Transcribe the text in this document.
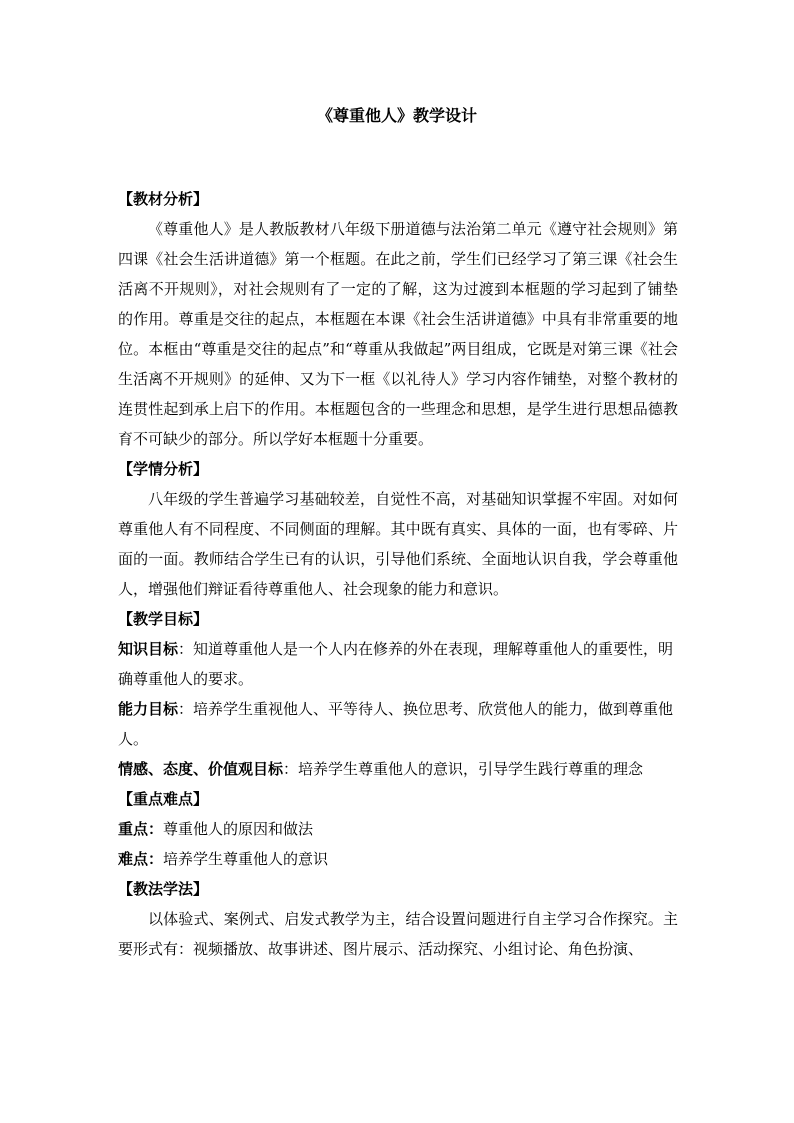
《尊重他人》教学设计

【教材分析】

《尊重他人》是人教版教材八年级下册道德与法治第二单元《遵守社会规则》第四课《社会生活讲道德》第一个框题。在此之前，学生们已经学习了第三课《社会生活离不开规则》，对社会规则有了一定的了解，这为过渡到本框题的学习起到了铺垫的作用。尊重是交往的起点，本框题在本课《社会生活讲道德》中具有非常重要的地位。本框由“尊重是交往的起点”和“尊重从我做起”两目组成，它既是对第三课《社会生活离不开规则》的延伸、又为下一框《以礼待人》学习内容作铺垫，对整个教材的连贯性起到承上启下的作用。本框题包含的一些理念和思想，是学生进行思想品德教育不可缺少的部分。所以学好本框题十分重要。

【学情分析】

八年级的学生普遍学习基础较差，自觉性不高，对基础知识掌握不牢固。对如何尊重他人有不同程度、不同侧面的理解。其中既有真实、具体的一面，也有零碎、片面的一面。教师结合学生已有的认识，引导他们系统、全面地认识自我，学会尊重他人，增强他们辩证看待尊重他人、社会现象的能力和意识。

【教学目标】

知识目标：知道尊重他人是一个人内在修养的外在表现，理解尊重他人的重要性，明确尊重他人的要求。

能力目标：培养学生重视他人、平等待人、换位思考、欣赏他人的能力，做到尊重他人。

情感、态度、价值观目标：培养学生尊重他人的意识，引导学生践行尊重的理念

【重点难点】

重点：尊重他人的原因和做法

难点：培养学生尊重他人的意识

【教法学法】

以体验式、案例式、启发式教学为主，结合设置问题进行自主学习合作探究。主要形式有：视频播放、故事讲述、图片展示、活动探究、小组讨论、角色扮演、
